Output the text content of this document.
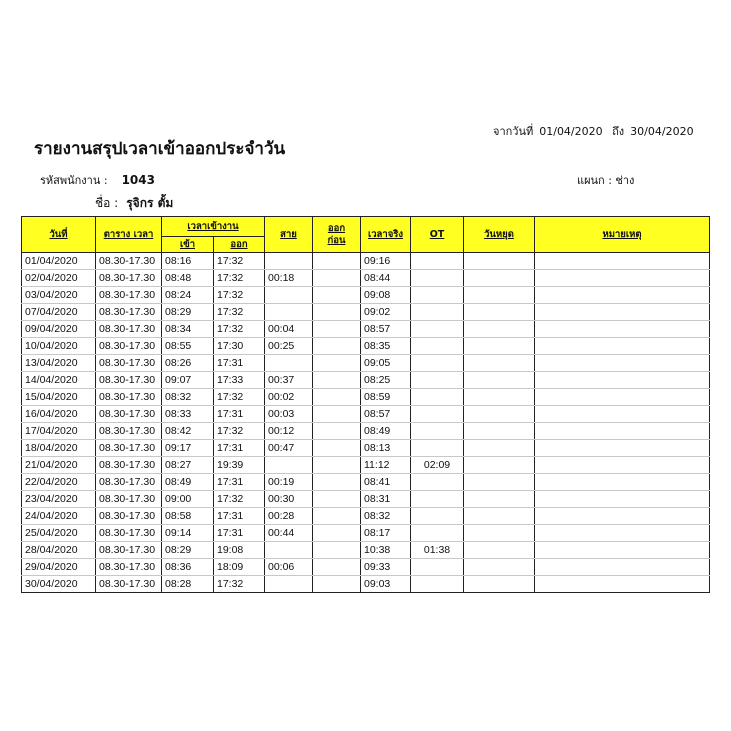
จากวันที่ 01/04/2020 ถึง 30/04/2020
รายงานสรุปเวลาเข้าออกประจำวัน
รหัสพนักงาน : 1043	แผนก : ช่าง
ชื่อ : รุจิกร ตั้ม
วันที่	ตาราง เวลา	เวลาเข้างาน		สาย	ออก
ก่อน	เวลาจริง	OT	วันหยุด	หมายเหตุ
		เข้า	ออก						
01/04/2020	08.30-17.30	08:16	17:32			09:16			
02/04/2020	08.30-17.30	08:48	17:32	00:18		08:44			
03/04/2020	08.30-17.30	08:24	17:32			09:08			
07/04/2020	08.30-17.30	08:29	17:32			09:02			
09/04/2020	08.30-17.30	08:34	17:32	00:04		08:57			
10/04/2020	08.30-17.30	08:55	17:30	00:25		08:35			
13/04/2020	08.30-17.30	08:26	17:31			09:05			
14/04/2020	08.30-17.30	09:07	17:33	00:37		08:25			
15/04/2020	08.30-17.30	08:32	17:32	00:02		08:59			
16/04/2020	08.30-17.30	08:33	17:31	00:03		08:57			
17/04/2020	08.30-17.30	08:42	17:32	00:12		08:49			
18/04/2020	08.30-17.30	09:17	17:31	00:47		08:13			
21/04/2020	08.30-17.30	08:27	19:39			11:12	02:09		
22/04/2020	08.30-17.30	08:49	17:31	00:19		08:41			
23/04/2020	08.30-17.30	09:00	17:32	00:30		08:31			
24/04/2020	08.30-17.30	08:58	17:31	00:28		08:32			
25/04/2020	08.30-17.30	09:14	17:31	00:44		08:17			
28/04/2020	08.30-17.30	08:29	19:08			10:38	01:38		
29/04/2020	08.30-17.30	08:36	18:09	00:06		09:33			
30/04/2020	08.30-17.30	08:28	17:32			09:03			
